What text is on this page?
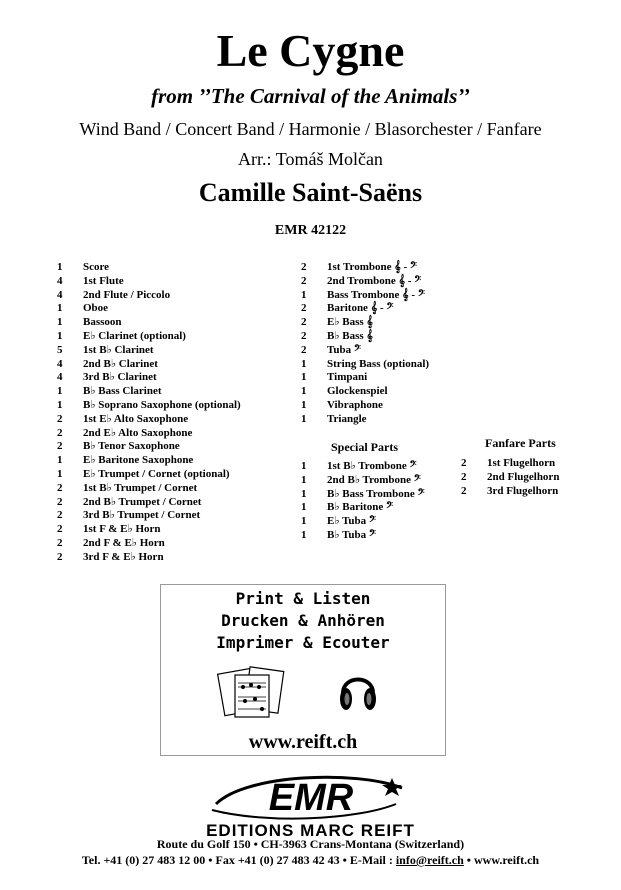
Le Cygne
from ’’The Carnival of the Animals’’
Wind Band / Concert Band / Harmonie / Blasorchester / Fanfare
Arr.: Tomáš Molčan
Camille Saint-Saëns
EMR 42122
1	Score
4	1st Flute
4	2nd Flute / Piccolo
1	Oboe
1	Bassoon
1	E♭ Clarinet (optional)
5	1st B♭ Clarinet
4	2nd B♭ Clarinet
4	3rd B♭ Clarinet
1	B♭ Bass Clarinet
1	B♭ Soprano Saxophone (optional)
2	1st E♭ Alto Saxophone
2	2nd E♭ Alto Saxophone
2	B♭ Tenor Saxophone
1	E♭ Baritone Saxophone
1	E♭ Trumpet / Cornet (optional)
2	1st B♭ Trumpet / Cornet
2	2nd B♭ Trumpet / Cornet
2	3rd B♭ Trumpet / Cornet
2	1st F & E♭ Horn
2	2nd F & E♭ Horn
2	3rd F & E♭ Horn
2	1st Trombone 𝄞 - 𝄢
2	2nd Trombone 𝄞 - 𝄢
1	Bass Trombone 𝄞 - 𝄢
2	Baritone 𝄞 - 𝄢
2	E♭ Bass 𝄞
2	B♭ Bass 𝄞
2	Tuba 𝄢
1	String Bass (optional)
1	Timpani
1	Glockenspiel
1	Vibraphone
1	Triangle
Special Parts
1	1st B♭ Trombone 𝄢
1	2nd B♭ Trombone 𝄢
1	B♭ Bass Trombone 𝄢
1	B♭ Baritone 𝄢
1	E♭ Tuba 𝄢
1	B♭ Tuba 𝄢
Fanfare Parts
2	1st Flugelhorn
2	2nd Flugelhorn
2	3rd Flugelhorn
Print & Listen
Drucken & Anhören
Imprimer & Ecouter
www.reift.ch
EMR
EDITIONS MARC REIFT
Route du Golf 150 • CH-3963 Crans-Montana (Switzerland)
Tel. +41 (0) 27 483 12 00 • Fax +41 (0) 27 483 42 43 • E-Mail : info@reift.ch • www.reift.ch
